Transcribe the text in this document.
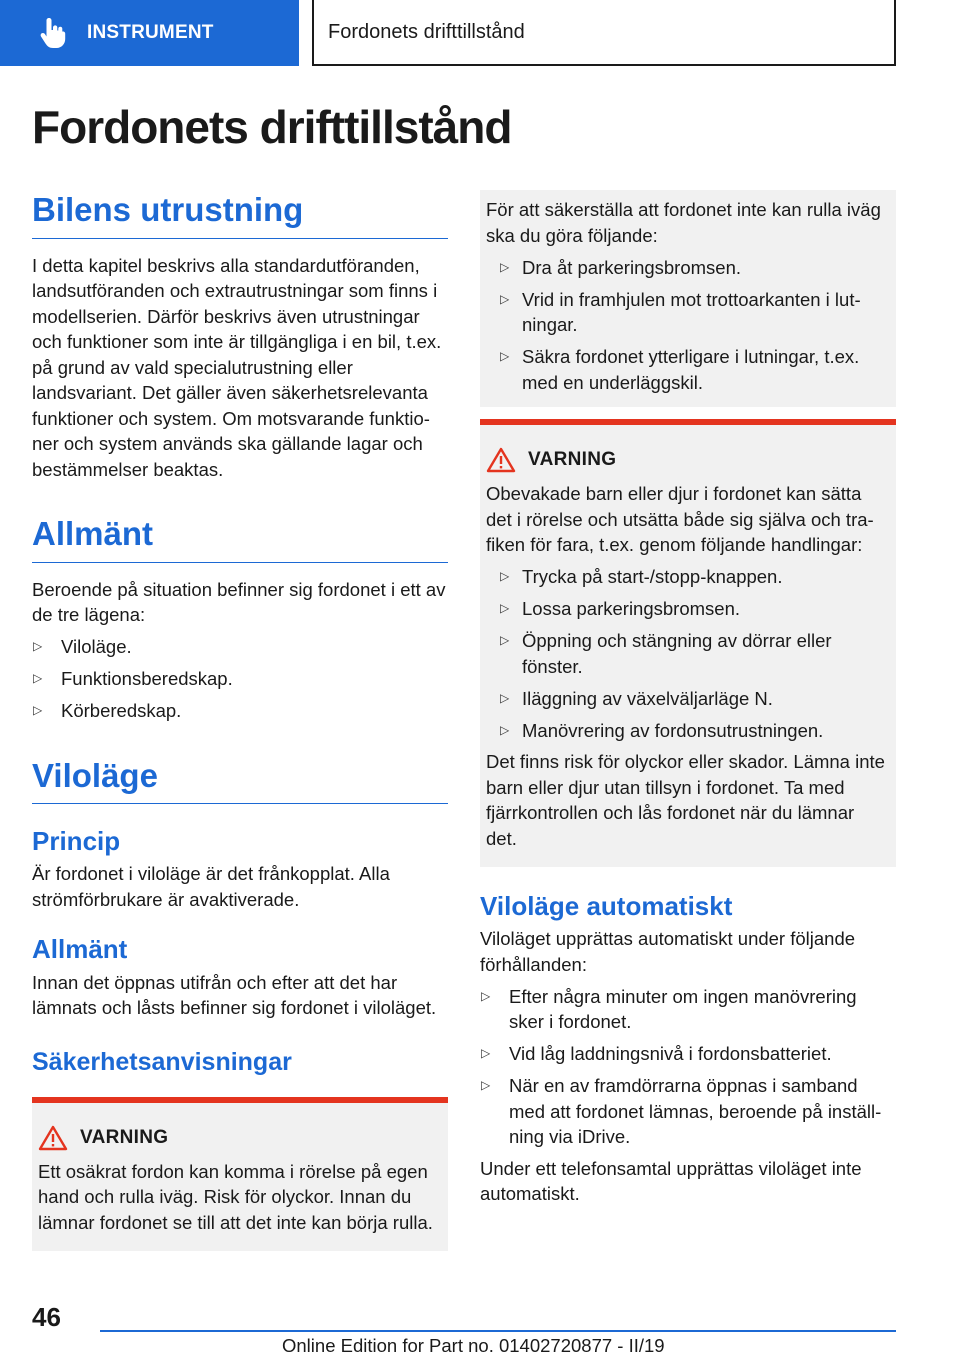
INSTRUMENT	Fordonets drifttillstånd
Fordonets drifttillstånd
Bilens utrustning

I detta kapitel beskrivs alla standardutföranden, landsutföranden och extrautrustningar som finns i modellserien. Därför beskrivs även utrustningar och funktioner som inte är tillgängliga i en bil, t.ex. på grund av vald specialutrustning eller landsvariant. Det gäller även säkerhetsrelevanta funktioner och system. Om motsvarande funktioner och system används ska gällande lagar och bestämmelser beaktas.

Allmänt

Beroende på situation befinner sig fordonet i ett av de tre lägena:

▷ Viloläge.
▷ Funktionsberedskap.
▷ Körberedskap.
Viloläge
Princip

Är fordonet i viloläge är det frånkopplat. Alla strömförbrukare är avaktiverade.

Allmänt

Innan det öppnas utifrån och efter att det har lämnats och låsts befinner sig fordonet i viloläget.

Säkerhetsanvisningar
VARNING

Ett osäkrat fordon kan komma i rörelse på egen hand och rulla iväg. Risk för olyckor. Innan du lämnar fordonet se till att det inte kan börja rulla.

För att säkerställa att fordonet inte kan rulla iväg ska du göra följande:

▷ Dra åt parkeringsbromsen.
▷ Vrid in framhjulen mot trottoarkanten i lutningar.
▷ Säkra fordonet ytterligare i lutningar, t.ex. med en underläggskil.
VARNING

Obevakade barn eller djur i fordonet kan sätta det i rörelse och utsätta både sig själva och trafiken för fara, t.ex. genom följande handlingar:

▷ Trycka på start-/stopp-knappen.
▷ Lossa parkeringsbromsen.
▷ Öppning och stängning av dörrar eller fönster.
▷ Iläggning av växelväljarläge N.
▷ Manövrering av fordonsutrustningen.

Det finns risk för olyckor eller skador. Lämna inte barn eller djur utan tillsyn i fordonet. Ta med fjärrkontrollen och lås fordonet när du lämnar det.

Viloläge automatiskt

Viloläget upprättas automatiskt under följande förhållanden:

▷ Efter några minuter om ingen manövrering sker i fordonet.
▷ Vid låg laddningsnivå i fordonsbatteriet.
▷ När en av framdörrarna öppnas i samband med att fordonet lämnas, beroende på inställning via iDrive.

Under ett telefonsamtal upprättas viloläget inte automatiskt.

46
Online Edition for Part no. 01402720877 - II/19
